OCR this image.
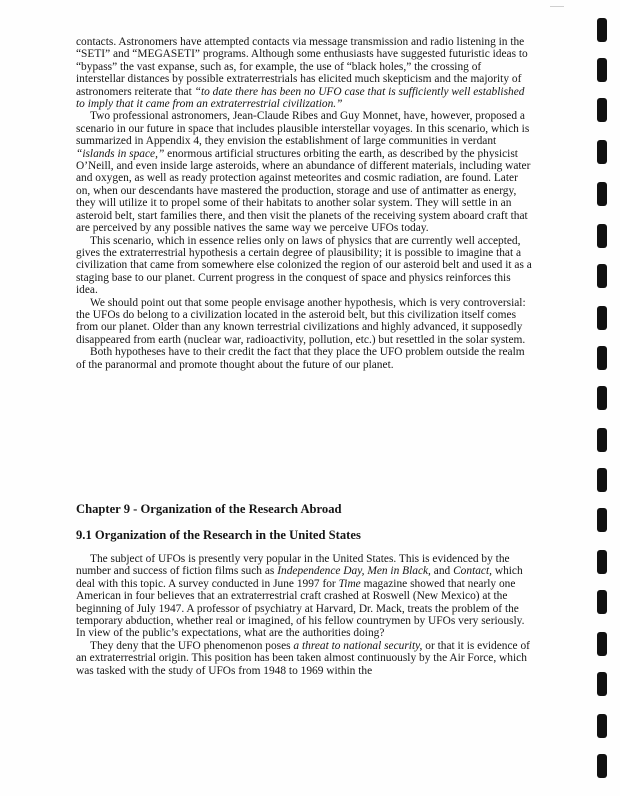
contacts. Astronomers have attempted contacts via message transmission and radio listening in the “SETI” and “MEGASETI” programs. Although some enthusiasts have suggested futuristic ideas to “bypass” the vast expanse, such as, for example, the use of “black holes,” the crossing of interstellar distances by possible extraterrestrials has elicited much skepticism and the majority of astronomers reiterate that “to date there has been no UFO case that is sufficiently well established to imply that it came from an extraterrestrial civilization.”

Two professional astronomers, Jean-Claude Ribes and Guy Monnet, have, however, proposed a scenario in our future in space that includes plausible interstellar voyages. In this scenario, which is summarized in Appendix 4, they envision the establishment of large communities in verdant “islands in space,” enormous artificial structures orbiting the earth, as described by the physicist O’Neill, and even inside large asteroids, where an abundance of different materials, including water and oxygen, as well as ready protection against meteorites and cosmic radiation, are found. Later on, when our descendants have mastered the production, storage and use of antimatter as energy, they will utilize it to propel some of their habitats to another solar system. They will settle in an asteroid belt, start families there, and then visit the planets of the receiving system aboard craft that are perceived by any possible natives the same way we perceive UFOs today.

This scenario, which in essence relies only on laws of physics that are currently well accepted, gives the extraterrestrial hypothesis a certain degree of plausibility; it is possible to imagine that a civilization that came from somewhere else colonized the region of our asteroid belt and used it as a staging base to our planet. Current progress in the conquest of space and physics reinforces this idea.

We should point out that some people envisage another hypothesis, which is very controversial: the UFOs do belong to a civilization located in the asteroid belt, but this civilization itself comes from our planet. Older than any known terrestrial civilizations and highly advanced, it supposedly disappeared from earth (nuclear war, radioactivity, pollution, etc.) but resettled in the solar system.

Both hypotheses have to their credit the fact that they place the UFO problem outside the realm of the paranormal and promote thought about the future of our planet.

Chapter 9 - Organization of the Research Abroad
9.1 Organization of the Research in the United States

The subject of UFOs is presently very popular in the United States. This is evidenced by the number and success of fiction films such as Independence Day, Men in Black, and Contact, which deal with this topic. A survey conducted in June 1997 for Time magazine showed that nearly one American in four believes that an extraterrestrial craft crashed at Roswell (New Mexico) at the beginning of July 1947. A professor of psychiatry at Harvard, Dr. Mack, treats the problem of the temporary abduction, whether real or imagined, of his fellow countrymen by UFOs very seriously. In view of the public’s expectations, what are the authorities doing?

They deny that the UFO phenomenon poses a threat to national security, or that it is evidence of an extraterrestrial origin. This position has been taken almost continuously by the Air Force, which was tasked with the study of UFOs from 1948 to 1969 within the
